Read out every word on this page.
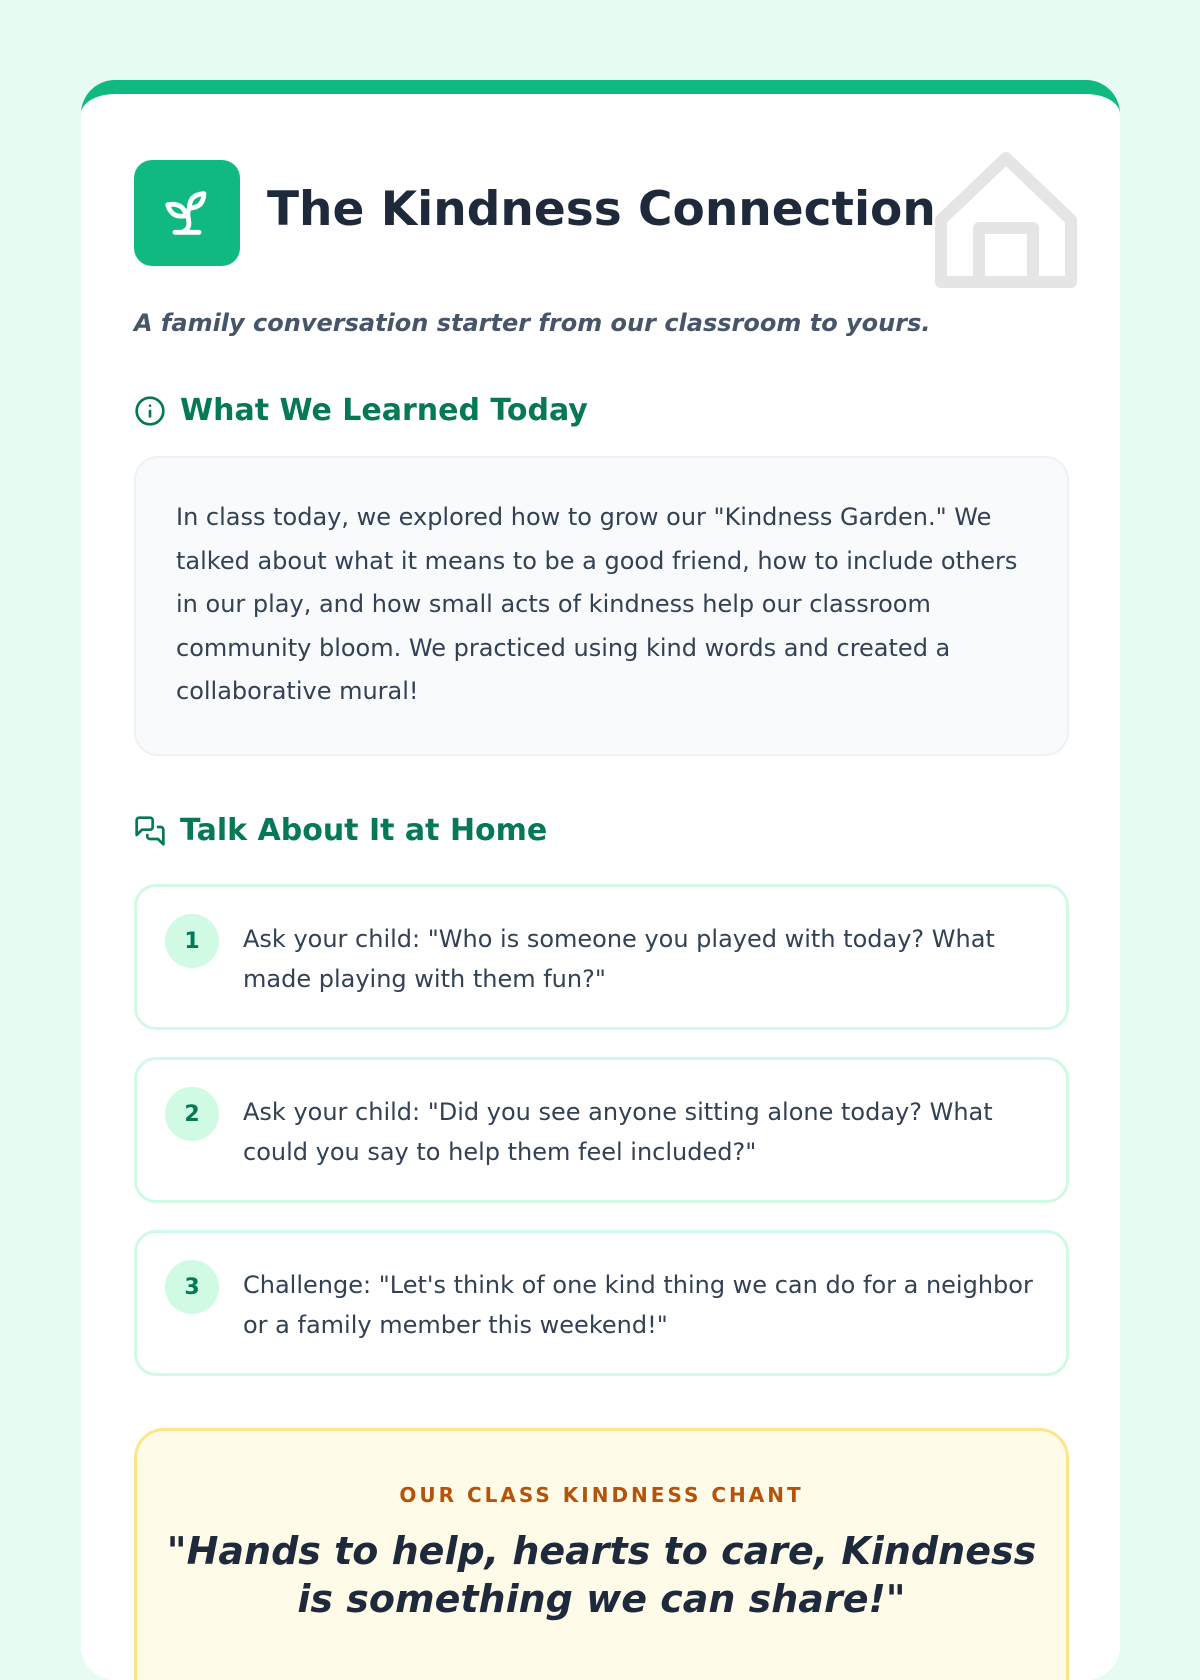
The Kindness Connection

A family conversation starter from our classroom to yours.

What We Learned Today
In class today, we explored how to grow our "Kindness Garden." We talked about what it means to be a good friend, how to include others in our play, and how small acts of kindness help our classroom community bloom. We practiced using kind words and created a collaborative mural!
Talk About It at Home
1	Ask your child: "Who is someone you played with today? What made playing with them fun?"

2	Ask your child: "Did you see anyone sitting alone today? What could you say to help them feel included?"

3	Challenge: "Let's think of one kind thing we can do for a neighbor or a family member this weekend!"

OUR CLASS KINDNESS CHANT

"Hands to help, hearts to care, Kindness is something we can share!"
